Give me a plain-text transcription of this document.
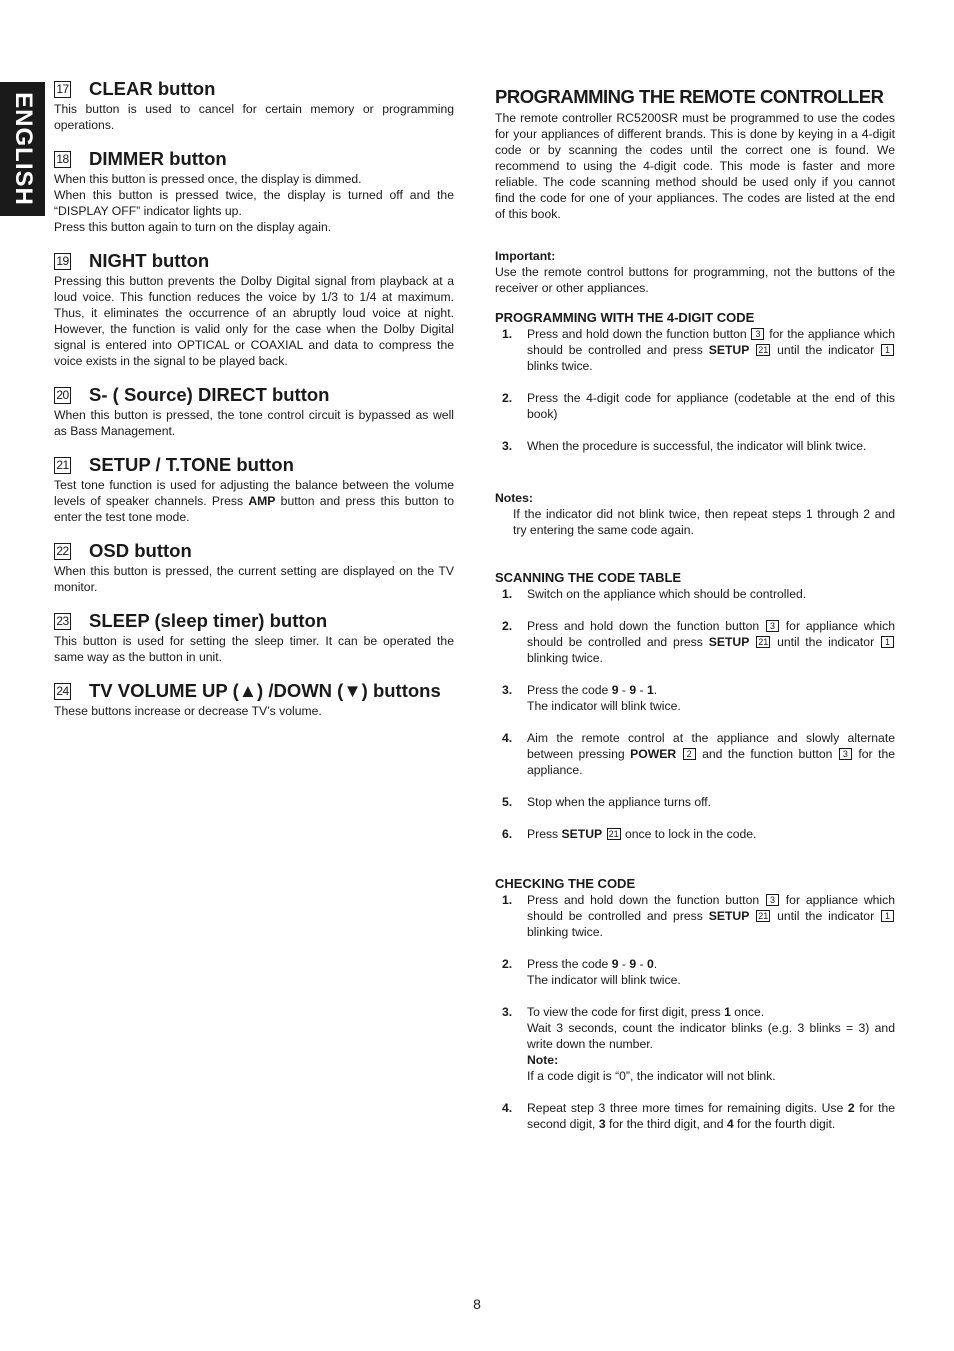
ENGLISH
17 CLEAR button

This button is used to cancel for certain memory or programming operations.

18 DIMMER button

When this button is pressed once, the display is dimmed.

When this button is pressed twice, the display is turned off and the “DISPLAY OFF” indicator lights up.

Press this button again to turn on the display again.

19 NIGHT button

Pressing this button prevents the Dolby Digital signal from playback at a loud voice. This function reduces the voice by 1/3 to 1/4 at maximum. Thus, it eliminates the occurrence of an abruptly loud voice at night. However, the function is valid only for the case when the Dolby Digital signal is entered into OPTICAL or COAXIAL and data to compress the voice exists in the signal to be played back.

20 S- ( Source) DIRECT button

When this button is pressed, the tone control circuit is bypassed as well as Bass Management.

21 SETUP / T.TONE button

Test tone function is used for adjusting the balance between the volume levels of speaker channels. Press AMP button and press this button to enter the test tone mode.

22 OSD button

When this button is pressed, the current setting are displayed on the TV monitor.

23 SLEEP (sleep timer) button

This button is used for setting the sleep timer. It can be operated the same way as the button in unit.

24 TV VOLUME UP (▲) /DOWN (▼) buttons

These buttons increase or decrease TV’s volume.

PROGRAMMING THE REMOTE CONTROLLER

The remote controller RC5200SR must be programmed to use the codes for your appliances of different brands. This is done by keying in a 4-digit code or by scanning the codes until the correct one is found. We recommend to using the 4-digit code. This mode is faster and more reliable. The code scanning method should be used only if you cannot find the code for one of your appliances. The codes are listed at the end of this book.

Important:

Use the remote control buttons for programming, not the buttons of the receiver or other appliances.

PROGRAMMING WITH THE 4-DIGIT CODE
1.	Press and hold down the function button 3 for the appliance which should be controlled and press SETUP 21 until the indicator 1 blinks twice.
2.	Press the 4-digit code for appliance (codetable at the end of this book)
3.	When the procedure is successful, the indicator will blink twice.
Notes:

If the indicator did not blink twice, then repeat steps 1 through 2 and try entering the same code again.

SCANNING THE CODE TABLE
1.	Switch on the appliance which should be controlled.
2.	Press and hold down the function button 3 for appliance which should be controlled and press SETUP 21 until the indicator 1 blinking twice.
3.	Press the code 9 - 9 - 1.
The indicator will blink twice.
4.	Aim the remote control at the appliance and slowly alternate between pressing POWER 2 and the function button 3 for the appliance.
5.	Stop when the appliance turns off.
6.	Press SETUP 21 once to lock in the code.
CHECKING THE CODE
1.	Press and hold down the function button 3 for appliance which should be controlled and press SETUP 21 until the indicator 1 blinking twice.
2.	Press the code 9 - 9 - 0.
The indicator will blink twice.
3.	To view the code for first digit, press 1 once.
Wait 3 seconds, count the indicator blinks (e.g. 3 blinks = 3) and write down the number.
Note:
If a code digit is “0”, the indicator will not blink.
4.	Repeat step 3 three more times for remaining digits. Use 2 for the second digit, 3 for the third digit, and 4 for the fourth digit.
8
